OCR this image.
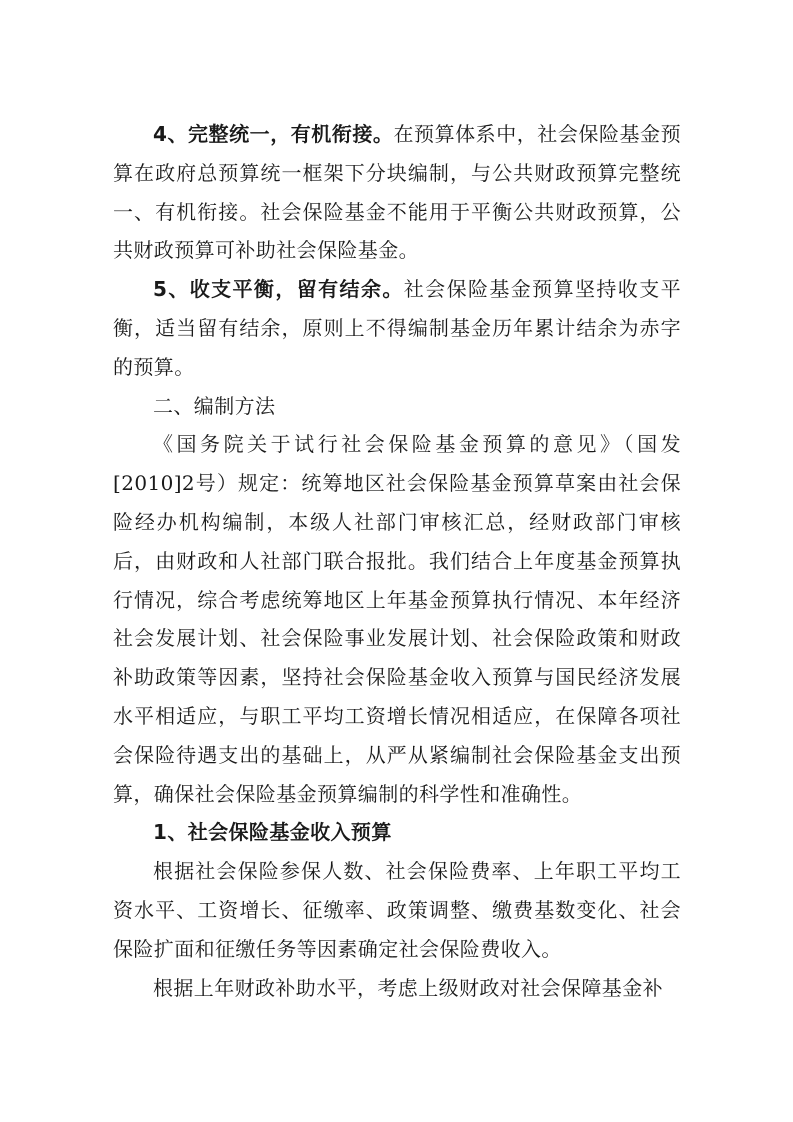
4、完整统一，有机衔接。在预算体系中，社会保险基金预算在政府总预算统一框架下分块编制，与公共财政预算完整统一、有机衔接。社会保险基金不能用于平衡公共财政预算，公共财政预算可补助社会保险基金。

5、收支平衡，留有结余。社会保险基金预算坚持收支平衡，适当留有结余，原则上不得编制基金历年累计结余为赤字的预算。

二、编制方法

《国务院关于试行社会保险基金预算的意见》（国发[2010]2号）规定：统筹地区社会保险基金预算草案由社会保险经办机构编制，本级人社部门审核汇总，经财政部门审核后，由财政和人社部门联合报批。我们结合上年度基金预算执行情况，综合考虑统筹地区上年基金预算执行情况、本年经济社会发展计划、社会保险事业发展计划、社会保险政策和财政补助政策等因素，坚持社会保险基金收入预算与国民经济发展水平相适应，与职工平均工资增长情况相适应，在保障各项社会保险待遇支出的基础上，从严从紧编制社会保险基金支出预算，确保社会保险基金预算编制的科学性和准确性。

1、社会保险基金收入预算

根据社会保险参保人数、社会保险费率、上年职工平均工资水平、工资增长、征缴率、政策调整、缴费基数变化、社会保险扩面和征缴任务等因素确定社会保险费收入。

根据上年财政补助水平，考虑上级财政对社会保障基金补
